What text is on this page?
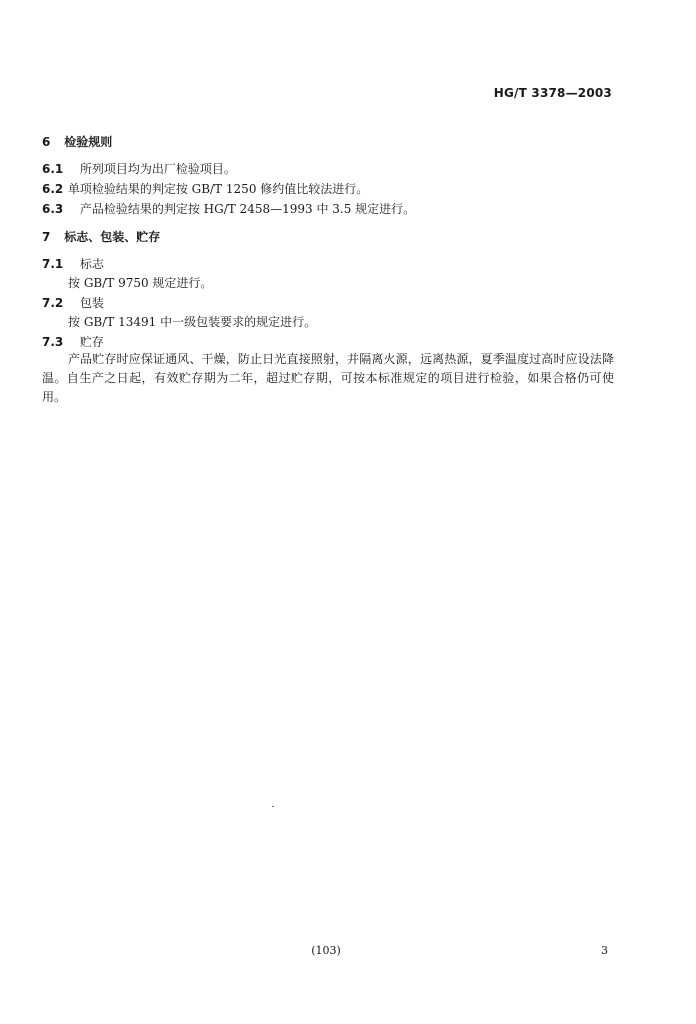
HG/T 3378—2003
6 检验规则
6.1 所列项目均为出厂检验项目。
6.2 单项检验结果的判定按 GB/T 1250 修约值比较法进行。
6.3 产品检验结果的判定按 HG/T 2458—1993 中 3.5 规定进行。
7 标志、包装、贮存
7.1 标志
按 GB/T 9750 规定进行。
7.2 包装
按 GB/T 13491 中一级包装要求的规定进行。
7.3 贮存
产品贮存时应保证通风、干燥，防止日光直接照射，并隔离火源，远离热源，夏季温度过高时应设法降温。自生产之日起，有效贮存期为二年，超过贮存期，可按本标准规定的项目进行检验，如果合格仍可使用。
(103)	3
